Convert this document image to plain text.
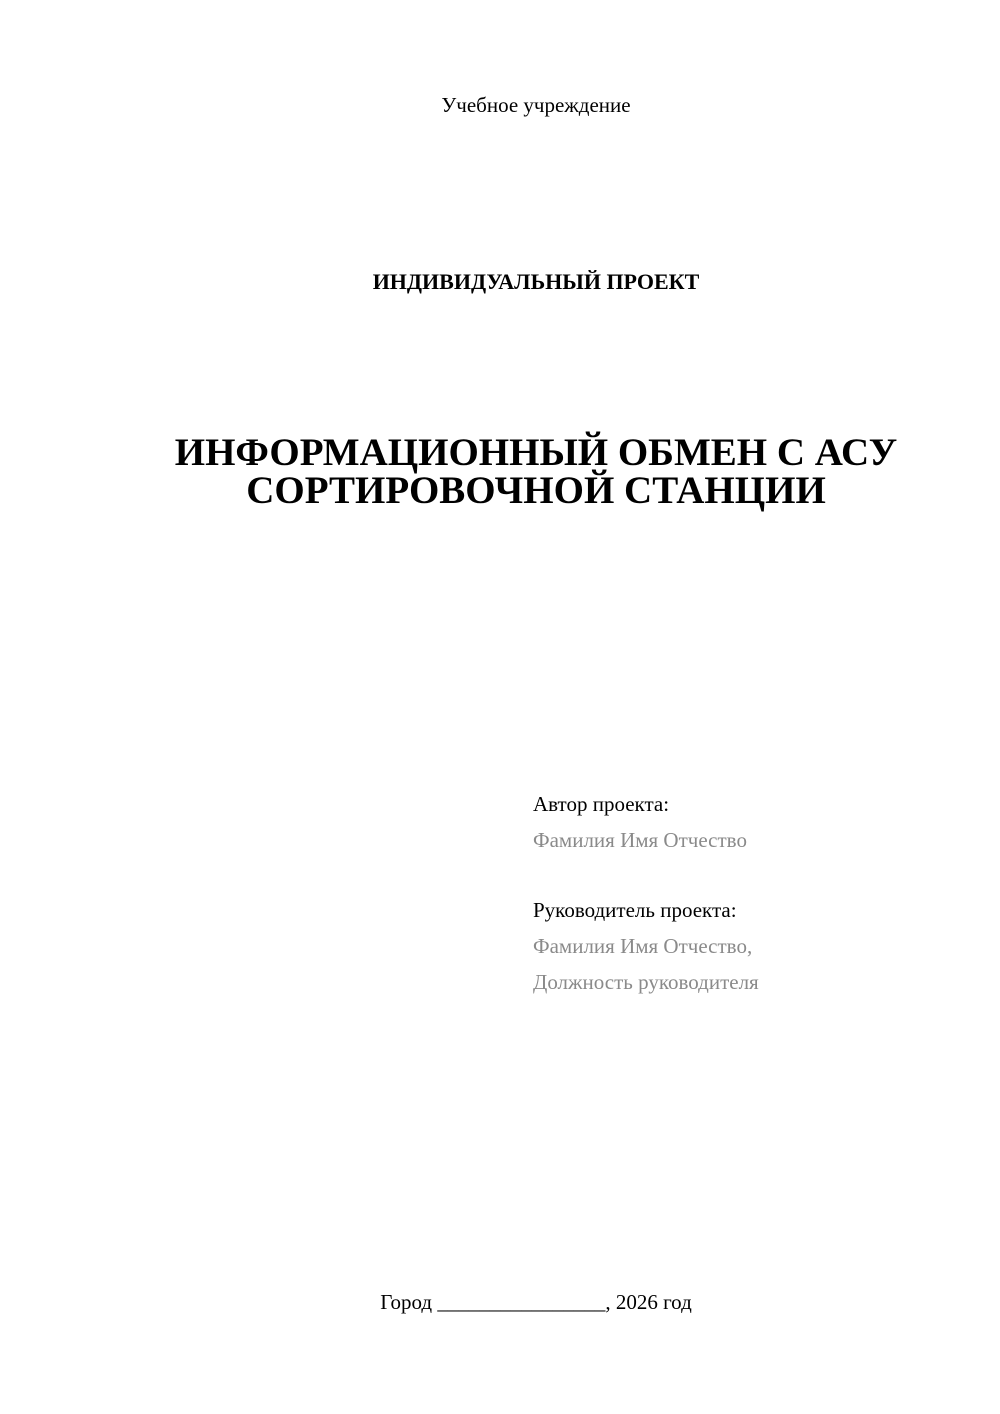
Учебное учреждение
ИНДИВИДУАЛЬНЫЙ ПРОЕКТ
ИНФОРМАЦИОННЫЙ ОБМЕН С АСУ
СОРТИРОВОЧНОЙ СТАНЦИИ
Автор проекта:
Фамилия Имя Отчество
Руководитель проекта:
Фамилия Имя Отчество,
Должность руководителя
Город ________________, 2026 год
